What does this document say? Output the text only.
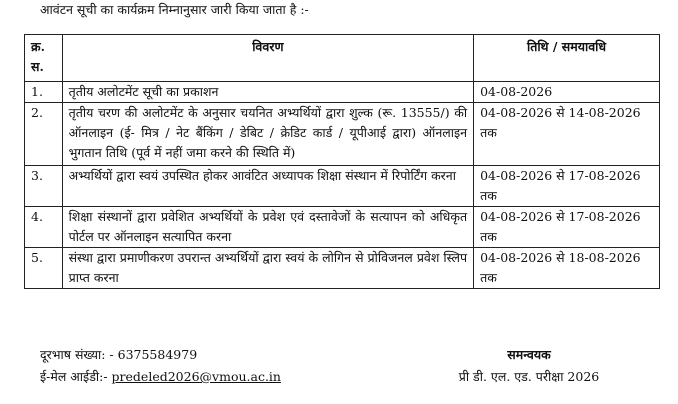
आवंटन सूची का कार्यक्रम निम्नानुसार जारी किया जाता है :-
क्र. स.	विवरण	तिथि / समयावधि
1.	तृतीय अलोटमेंट सूची का प्रकाशन	04-08-2026
2.	तृतीय चरण की अलोटमेंट के अनुसार चयनित अभ्यर्थियों द्वारा शुल्क (रू. 13555/) की ऑनलाइन (ई- मित्र / नेट बैंकिंग / डेबिट / क्रेडिट कार्ड / यूपीआई द्वारा) ऑनलाइन भुगतान तिथि (पूर्व में नहीं जमा करने की स्थिति में)	04-08-2026 से 14-08-2026 तक
3.	अभ्यर्थियों द्वारा स्वयं उपस्थित होकर आवंटित अध्यापक शिक्षा संस्थान में रिपोर्टिंग करना	04-08-2026 से 17-08-2026 तक
4.	शिक्षा संस्थानों द्वारा प्रवेशित अभ्यर्थियों के प्रवेश एवं दस्तावेजों के सत्यापन को अधिकृत पोर्टल पर ऑनलाइन सत्यापित करना	04-08-2026 से 17-08-2026 तक
5.	संस्था द्वारा प्रमाणीकरण उपरान्त अभ्यर्थियों द्वारा स्वयं के लोगिन से प्रोविजनल प्रवेश स्लिप प्राप्त करना	04-08-2026 से 18-08-2026 तक
दूरभाष संख्या: - 6375584979
ई-मेल आईडी:- predeled2026@vmou.ac.in
समन्वयक
प्री डी. एल. एड. परीक्षा 2026
